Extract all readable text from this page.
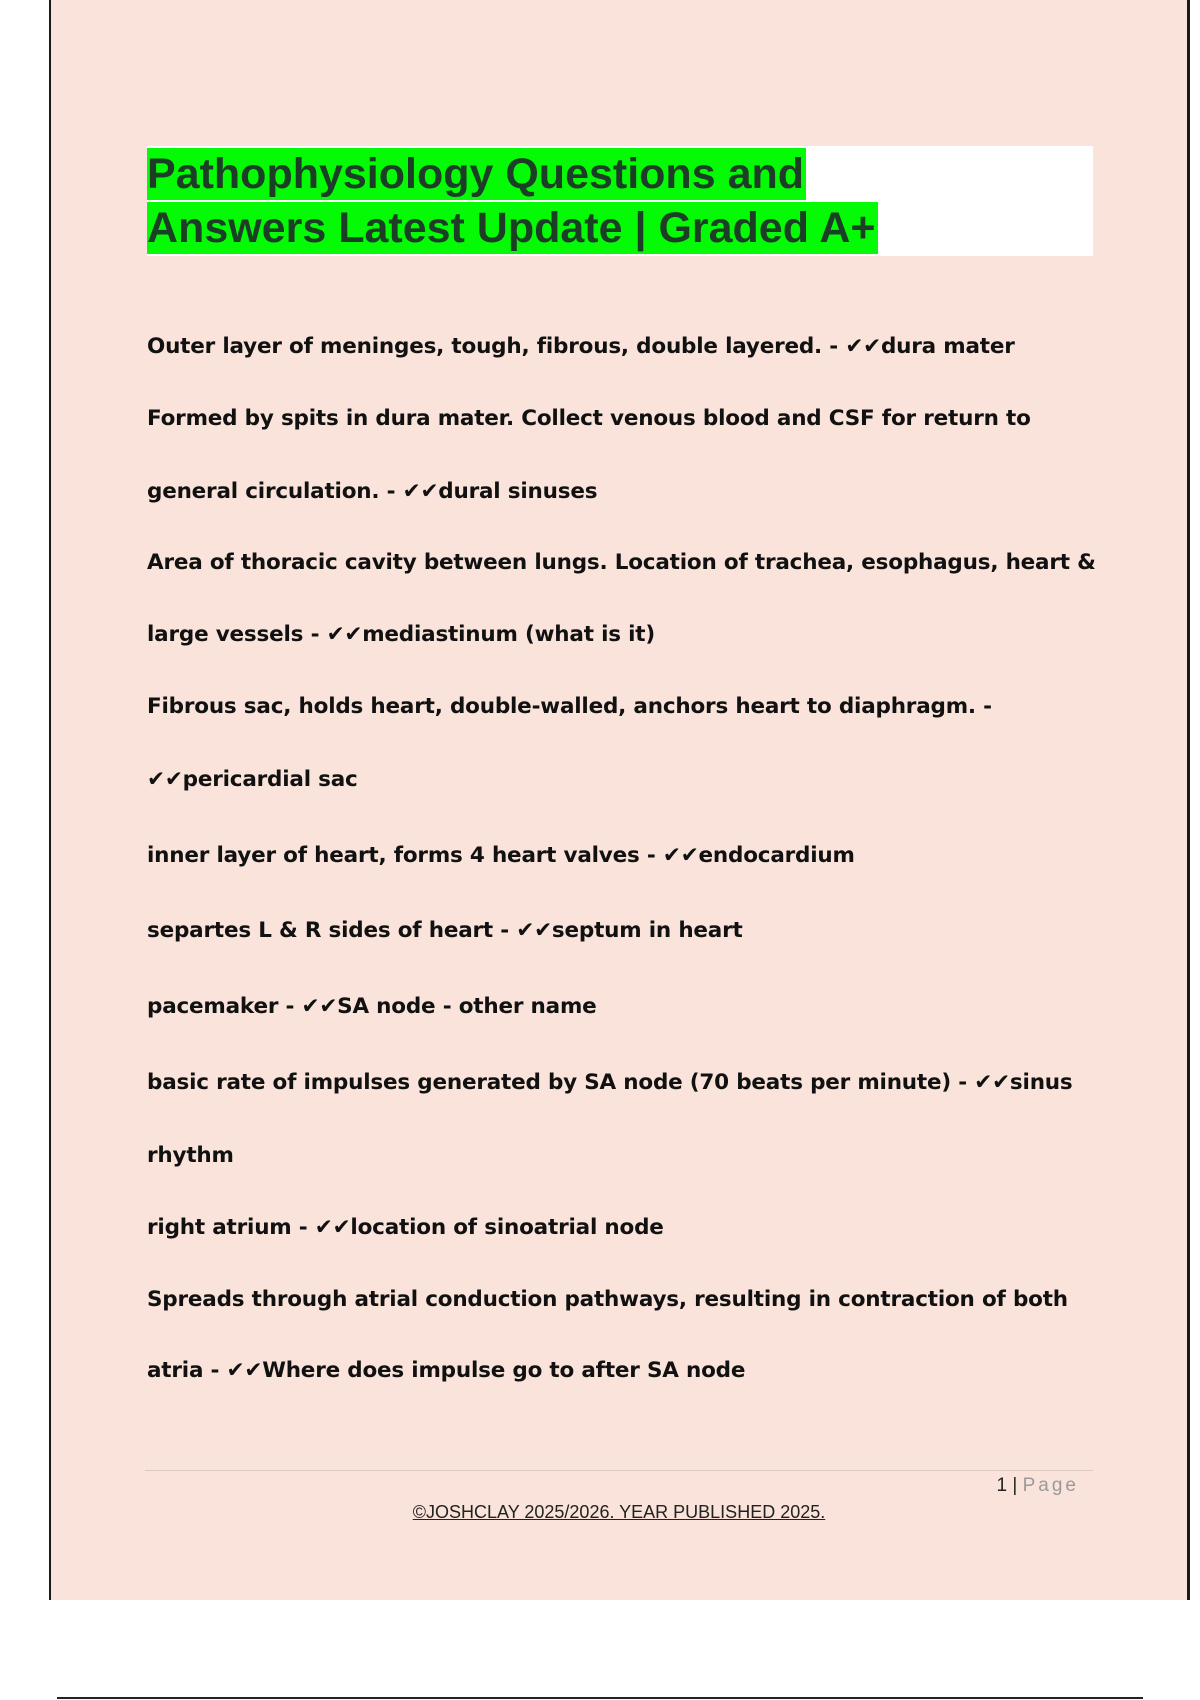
Pathophysiology Questions and
Answers Latest Update | Graded A+
Outer layer of meninges, tough, fibrous, double layered. - ✔✔dura mater
Formed by spits in dura mater. Collect venous blood and CSF for return to
general circulation. - ✔✔dural sinuses
Area of thoracic cavity between lungs. Location of trachea, esophagus, heart &
large vessels - ✔✔mediastinum (what is it)
Fibrous sac, holds heart, double-walled, anchors heart to diaphragm. -
✔✔pericardial sac
inner layer of heart, forms 4 heart valves - ✔✔endocardium
separtes L & R sides of heart - ✔✔septum in heart
pacemaker - ✔✔SA node - other name
basic rate of impulses generated by SA node (70 beats per minute) - ✔✔sinus
rhythm
right atrium - ✔✔location of sinoatrial node
Spreads through atrial conduction pathways, resulting in contraction of both
atria - ✔✔Where does impulse go to after SA node
1 | Page
©JOSHCLAY 2025/2026. YEAR PUBLISHED 2025.
